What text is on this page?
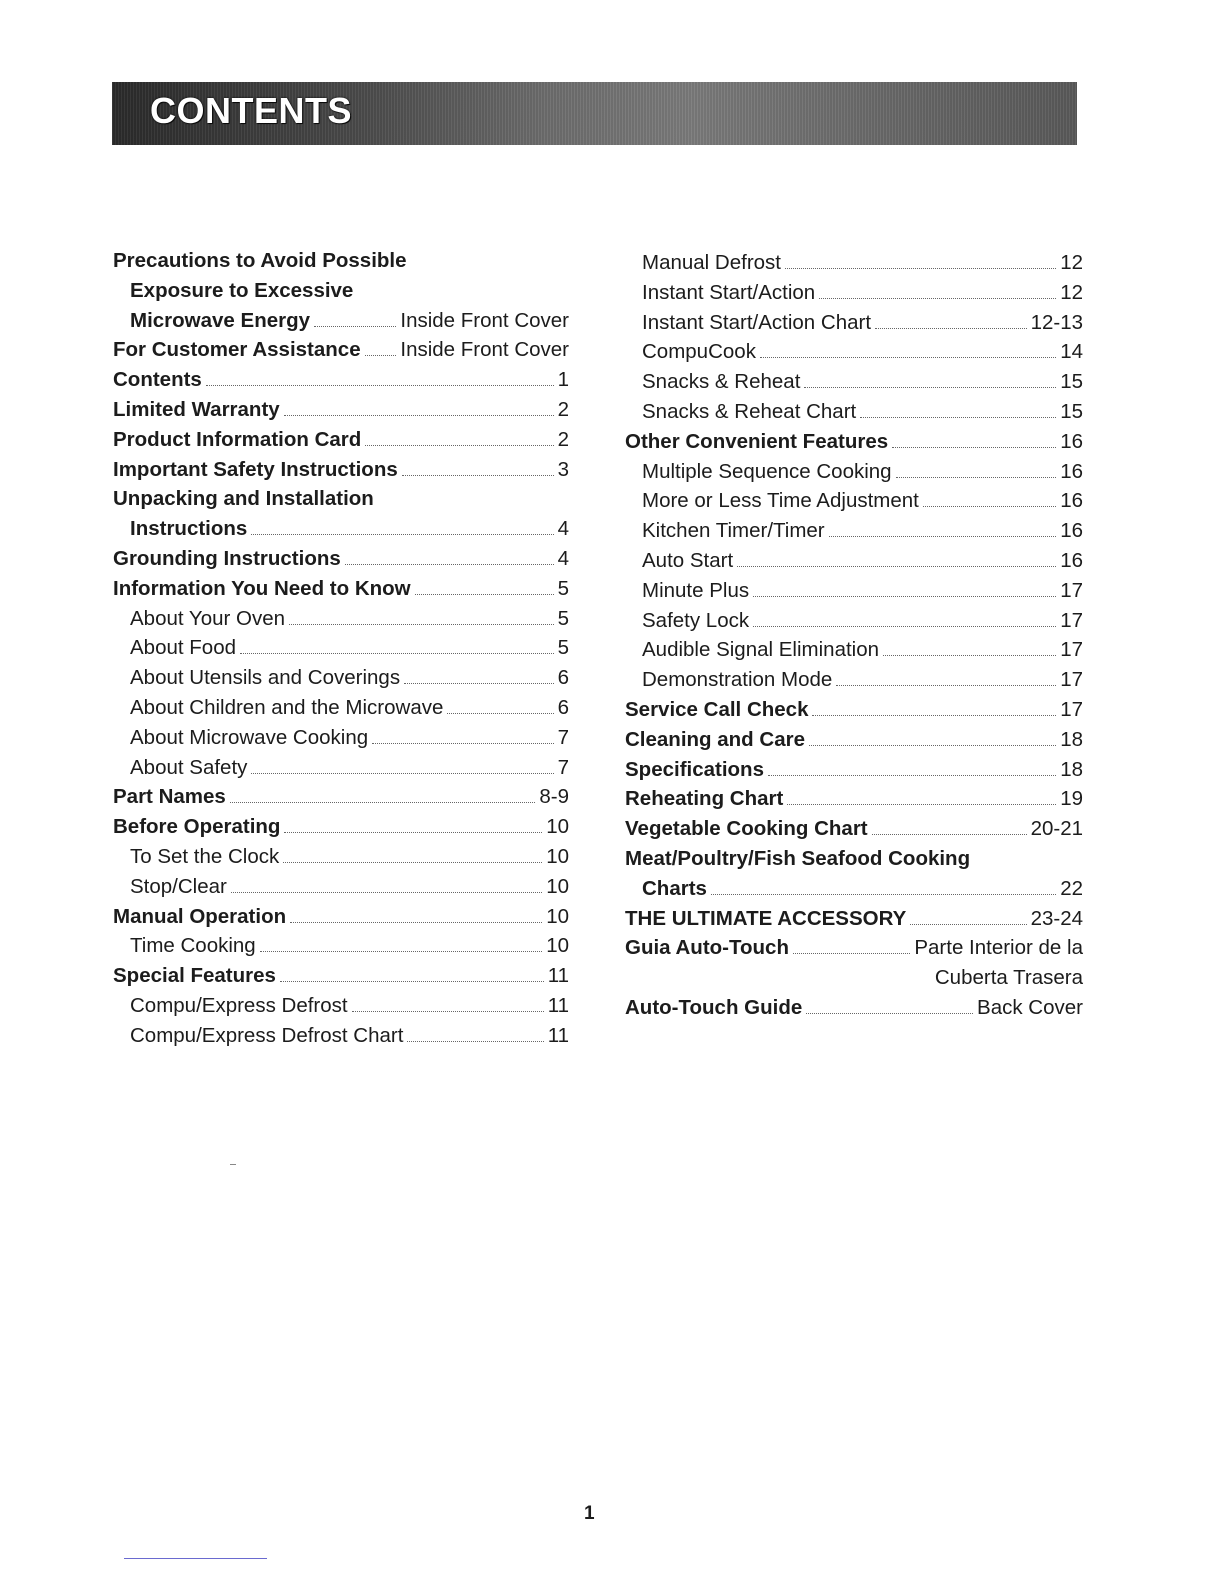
CONTENTS
Precautions to Avoid Possible
Exposure to Excessive
Microwave Energy	Inside Front Cover
For Customer Assistance Inside Front Cover
Contents	1
Limited Warranty	2
Product Information Card	2
Important Safety Instructions	3
Unpacking and Installation
Instructions	4
Grounding Instructions	4
Information You Need to Know	5
About Your Oven	5
About Food	5
About Utensils and Coverings	6
About Children and the Microwave	6
About Microwave Cooking	7
About Safety	7
Part Names	8-9
Before Operating	10
To Set the Clock	10
Stop/Clear	10
Manual Operation	10
Time Cooking	10
Special Features	11
Compu/Express Defrost	11
Compu/Express Defrost Chart	11
Manual Defrost	12
Instant Start/Action	12
Instant Start/Action Chart	12-13
CompuCook	14
Snacks & Reheat	15
Snacks & Reheat Chart	15
Other Convenient Features	16
Multiple Sequence Cooking	16
More or Less Time Adjustment	16
Kitchen Timer/Timer	16
Auto Start	16
Minute Plus	17
Safety Lock	17
Audible Signal Elimination	17
Demonstration Mode	17
Service Call Check	17
Cleaning and Care	18
Specifications	18
Reheating Chart	19
Vegetable Cooking Chart	20-21
Meat/Poultry/Fish Seafood Cooking
Charts	22
THE ULTIMATE ACCESSORY	23-24
Guia Auto-Touch	Parte Interior de la
Cuberta Trasera
Auto-Touch Guide	Back Cover
1
